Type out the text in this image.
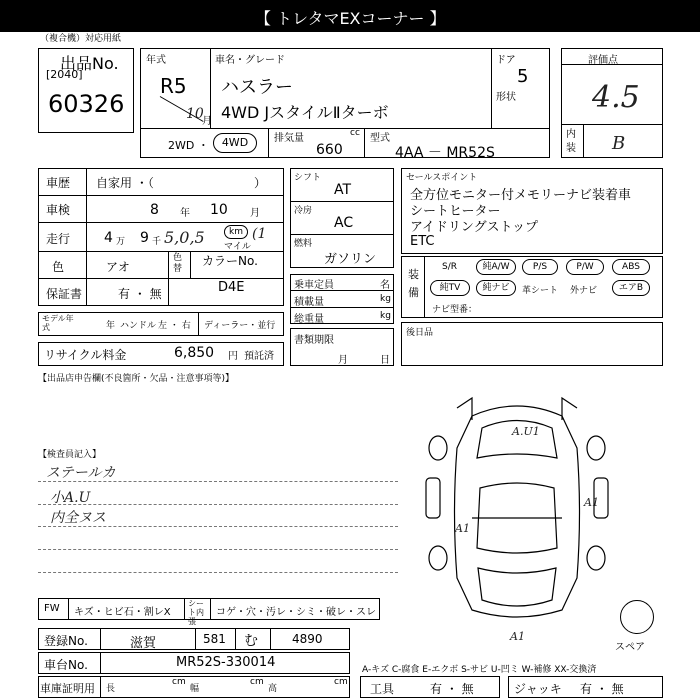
【 トレタマEXコーナー 】
（複合機）対応用紙
出品No.
[2040]
60326
年式
R5
10
月
車名・グレード
ハスラー
4WD JスタイルⅡターボ
ドア
5
形状
2WD ・	4WD	排気量	cc
660
型式
4AA － MR52S
評価点
4.5
内装 B
車歴 自家用 ・（	）
車検	8 年 10 月
走行 4 万 9 千 5,0,5	km
マイル
(1
色	アオ
色替
カラーNo.
保証書	有 ・ 無	D4E
モデル年式	年 ハンドル 左 ・ 右 ディーラー・並行
リサイクル料金	6,850 円 預託済
シフト
AT
冷房
AC
燃料
ガソリン
乗車定員	名
積載量	kg
総重量	kg
書類期限
月	日
セールスポイント
全方位モニター付メモリーナビ装着車
シートヒーター
アイドリングストップ
ETC
装備
S/R	純A/W	P/S	P/W	ABS
純TV	純ナビ	革シート 外ナビ	エアB
ナビ型番：
後日品
【出品店申告欄(不良箇所・欠品・注意事項等)】
【検査員記入】
ステールカ
小A.U
内全ヌス
A.U1
A1
A1
A1
スペア
FW キズ・ヒビ石・割レX
シート内張
コゲ・穴・汚レ・シミ・破レ・スレ
登録No.	滋賀	581 む	4890
車台No.	MR52S-330014	A-キズ C-腐食 E-エクボ S-サビ U-凹ミ W-補修 XX-交換済
車庫証明用 長
cm
幅
cm
高
cm 工具	有 ・ 無	ジャッキ 有 ・ 無
